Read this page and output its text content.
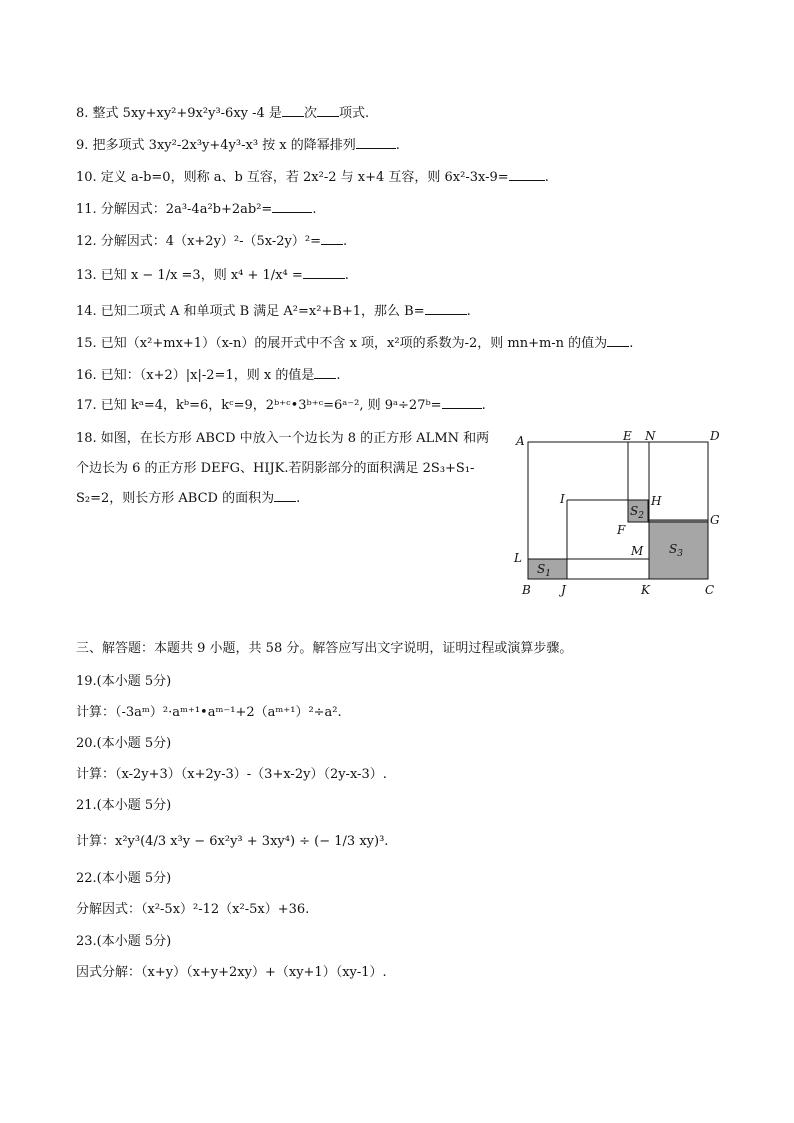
8. 整式 5xy+xy²+9x²y³-6xy -4 是 次 项式.
9. 把多项式 3xy²-2x³y+4y³-x³ 按 x 的降幂排列	.
10. 定义 a-b=0，则称 a、b 互容，若 2x²-2 与 x+4 互容，则 6x²-3x-9=	.
11. 分解因式：2a³-4a²b+2ab²=	.
12. 分解因式：4（x+2y）²-（5x-2y）²= .
13. 已知 x − 1/x =3，则 x⁴ + 1/x⁴ =	.
14. 已知二项式 A 和单项式 B 满足 A²=x²+B+1，那么 B=	.
15. 已知（x²+mx+1）（x-n）的展开式中不含 x 项，x²项的系数为-2，则 mn+m-n 的值为 .
16. 已知：（x+2）|x|-2=1，则 x 的值是 .
17. 已知 kᵃ=4，kᵇ=6，kᶜ=9，2ᵇ⁺ᶜ•3ᵇ⁺ᶜ=6ᵃ⁻², 则 9ᵃ÷27ᵇ=	.
18. 如图，在长方形 ABCD 中放入一个边长为 8 的正方形 ALMN 和两个边长为 6 的正方形 DEFG、HIJK.若阴影部分的面积满足 2S₃+S₁-S₂=2，则长方形 ABCD 的面积为 .
A
B	C
D
E
F
G
H
I
J	K
L	M
N
$S_1$
$S_2$
$S_3$
三、解答题：本题共 9 小题，共 58 分。解答应写出文字说明，证明过程或演算步骤。
19.(本小题 5分)
计算：（-3aᵐ）²·aᵐ⁺¹•aᵐ⁻¹+2（aᵐ⁺¹）²÷a².
20.(本小题 5分)
计算：（x-2y+3）（x+2y-3）-（3+x-2y）（2y-x-3）.
21.(本小题 5分)
计算：x²y³(4/3 x³y − 6x²y³ + 3xy⁴) ÷ (− 1/3 xy)³.
22.(本小题 5分)
分解因式：（x²-5x）²-12（x²-5x）+36.
23.(本小题 5分)
因式分解：（x+y）（x+y+2xy）+（xy+1）（xy-1）.
